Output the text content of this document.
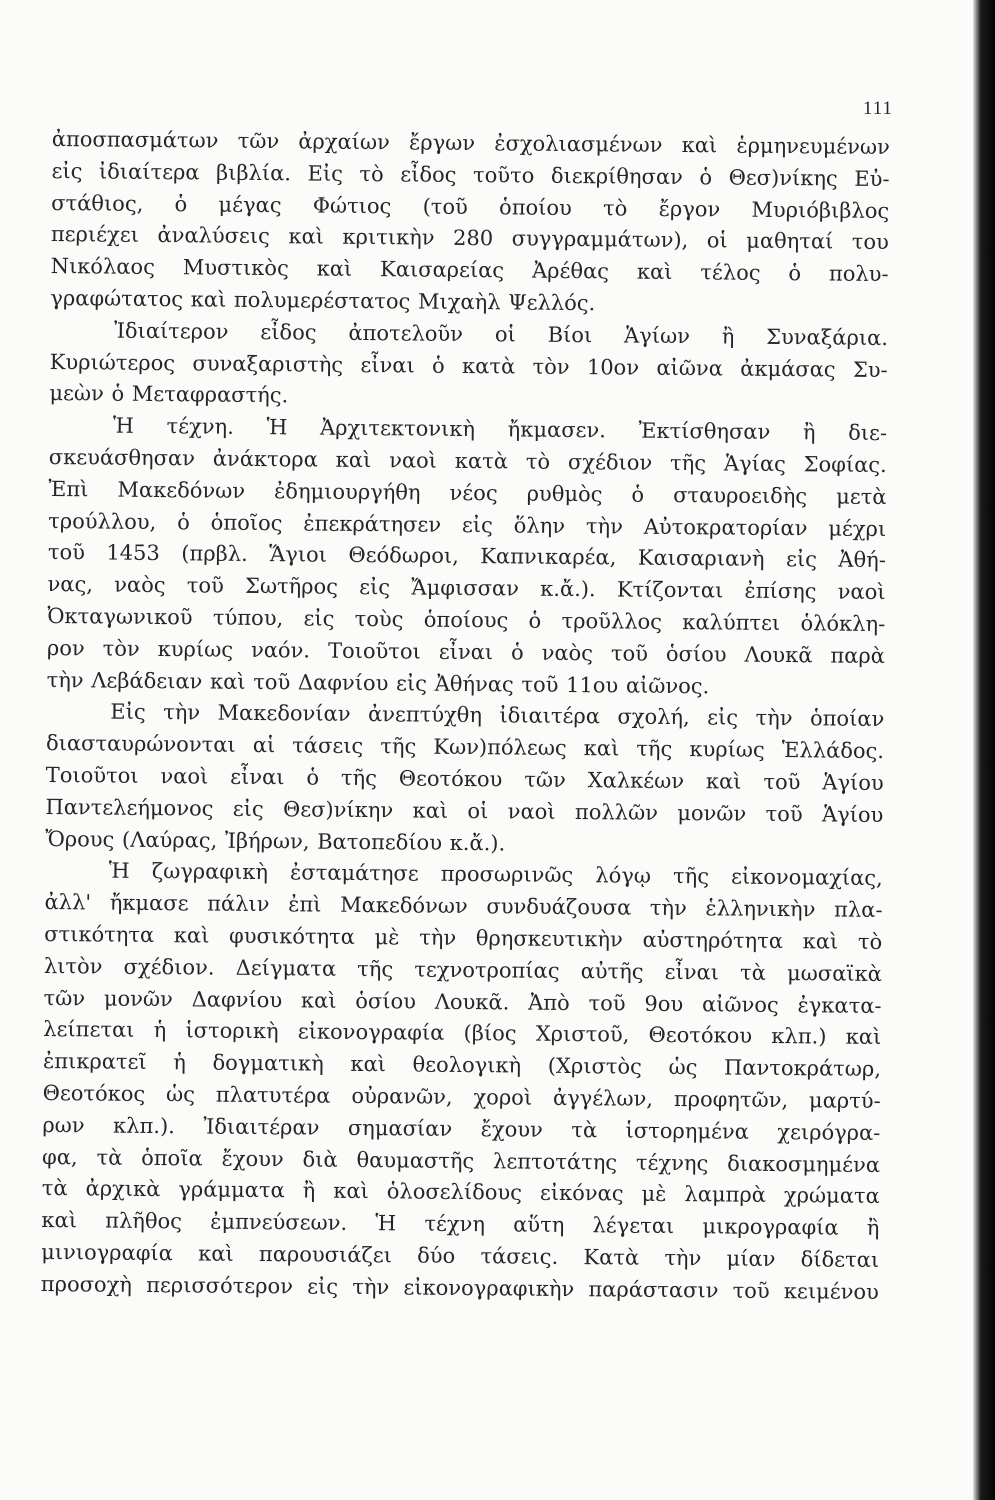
111
ἀποσπασμάτων τῶν ἀρχαίων ἔργων ἐσχολιασμένων καὶ ἑρμηνευμένων
εἰς ἰδιαίτερα βιβλία. Εἰς τὸ εἶδος τοῦτο διεκρίθησαν ὁ Θεσ)νίκης Εὐ-
στάθιος, ὁ μέγας Φώτιος (τοῦ ὁποίου τὸ ἔργον Μυριόβιβλος
περιέχει ἀναλύσεις καὶ κριτικὴν 280 συγγραμμάτων), οἱ μαθηταί του
Νικόλαος Μυστικὸς καὶ Καισαρείας Ἀρέθας καὶ τέλος ὁ πολυ-
γραφώτατος καὶ πολυμερέστατος Μιχαὴλ Ψελλός.
Ἰδιαίτερον εἶδος ἀποτελοῦν οἱ Βίοι Ἁγίων ἢ Συναξάρια.
Κυριώτερος συναξαριστὴς εἶναι ὁ κατὰ τὸν 10ον αἰῶνα ἀκμάσας Συ-
μεὼν ὁ Μεταφραστής.
Ἡ τέχνη. Ἡ Ἀρχιτεκτονικὴ ἤκμασεν. Ἐκτίσθησαν ἢ διε-
σκευάσθησαν ἀνάκτορα καὶ ναοὶ κατὰ τὸ σχέδιον τῆς Ἁγίας Σοφίας.
Ἐπὶ Μακεδόνων ἐδημιουργήθη νέος ρυθμὸς ὁ σταυροειδὴς μετὰ
τρούλλου, ὁ ὁποῖος ἐπεκράτησεν εἰς ὅλην τὴν Αὐτοκρατορίαν μέχρι
τοῦ 1453 (πρβλ. Ἅγιοι Θεόδωροι, Καπνικαρέα, Καισαριανὴ εἰς Ἀθή-
νας, ναὸς τοῦ Σωτῆρος εἰς Ἄμφισσαν κ.ἄ.). Κτίζονται ἐπίσης ναοὶ
Ὀκταγωνικοῦ τύπου, εἰς τοὺς ὁποίους ὁ τροῦλλος καλύπτει ὁλόκλη-
ρον τὸν κυρίως ναόν. Τοιοῦτοι εἶναι ὁ ναὸς τοῦ ὁσίου Λουκᾶ παρὰ
τὴν Λεβάδειαν καὶ τοῦ Δαφνίου εἰς Ἀθήνας τοῦ 11ου αἰῶνος.
Εἰς τὴν Μακεδονίαν ἀνεπτύχθη ἰδιαιτέρα σχολή, εἰς τὴν ὁποίαν
διασταυρώνονται αἱ τάσεις τῆς Κων)πόλεως καὶ τῆς κυρίως Ἑλλάδος.
Τοιοῦτοι ναοὶ εἶναι ὁ τῆς Θεοτόκου τῶν Χαλκέων καὶ τοῦ Ἁγίου
Παντελεήμονος εἰς Θεσ)νίκην καὶ οἱ ναοὶ πολλῶν μονῶν τοῦ Ἁγίου
Ὄρους (Λαύρας, Ἰβήρων, Βατοπεδίου κ.ἄ.).
Ἡ ζωγραφικὴ ἐσταμάτησε προσωρινῶς λόγῳ τῆς εἰκονομαχίας,
ἀλλ' ἤκμασε πάλιν ἐπὶ Μακεδόνων συνδυάζουσα τὴν ἑλληνικὴν πλα-
στικότητα καὶ φυσικότητα μὲ τὴν θρησκευτικὴν αὐστηρότητα καὶ τὸ
λιτὸν σχέδιον. Δείγματα τῆς τεχνοτροπίας αὐτῆς εἶναι τὰ μωσαϊκὰ
τῶν μονῶν Δαφνίου καὶ ὁσίου Λουκᾶ. Ἀπὸ τοῦ 9ου αἰῶνος ἐγκατα-
λείπεται ἡ ἱστορικὴ εἰκονογραφία (βίος Χριστοῦ, Θεοτόκου κλπ.) καὶ
ἐπικρατεῖ ἡ δογματικὴ καὶ θεολογικὴ (Χριστὸς ὡς Παντοκράτωρ,
Θεοτόκος ὡς πλατυτέρα οὐρανῶν, χοροὶ ἀγγέλων, προφητῶν, μαρτύ-
ρων κλπ.). Ἰδιαιτέραν σημασίαν ἔχουν τὰ ἱστορημένα χειρόγρα-
φα, τὰ ὁποῖα ἔχουν διὰ θαυμαστῆς λεπτοτάτης τέχνης διακοσμημένα
τὰ ἀρχικὰ γράμματα ἢ καὶ ὁλοσελίδους εἰκόνας μὲ λαμπρὰ χρώματα
καὶ πλῆθος ἐμπνεύσεων. Ἡ τέχνη αὕτη λέγεται μικρογραφία ἢ
μινιογραφία καὶ παρουσιάζει δύο τάσεις. Κατὰ τὴν μίαν δίδεται
προσοχὴ περισσότερον εἰς τὴν εἰκονογραφικὴν παράστασιν τοῦ κειμένου
